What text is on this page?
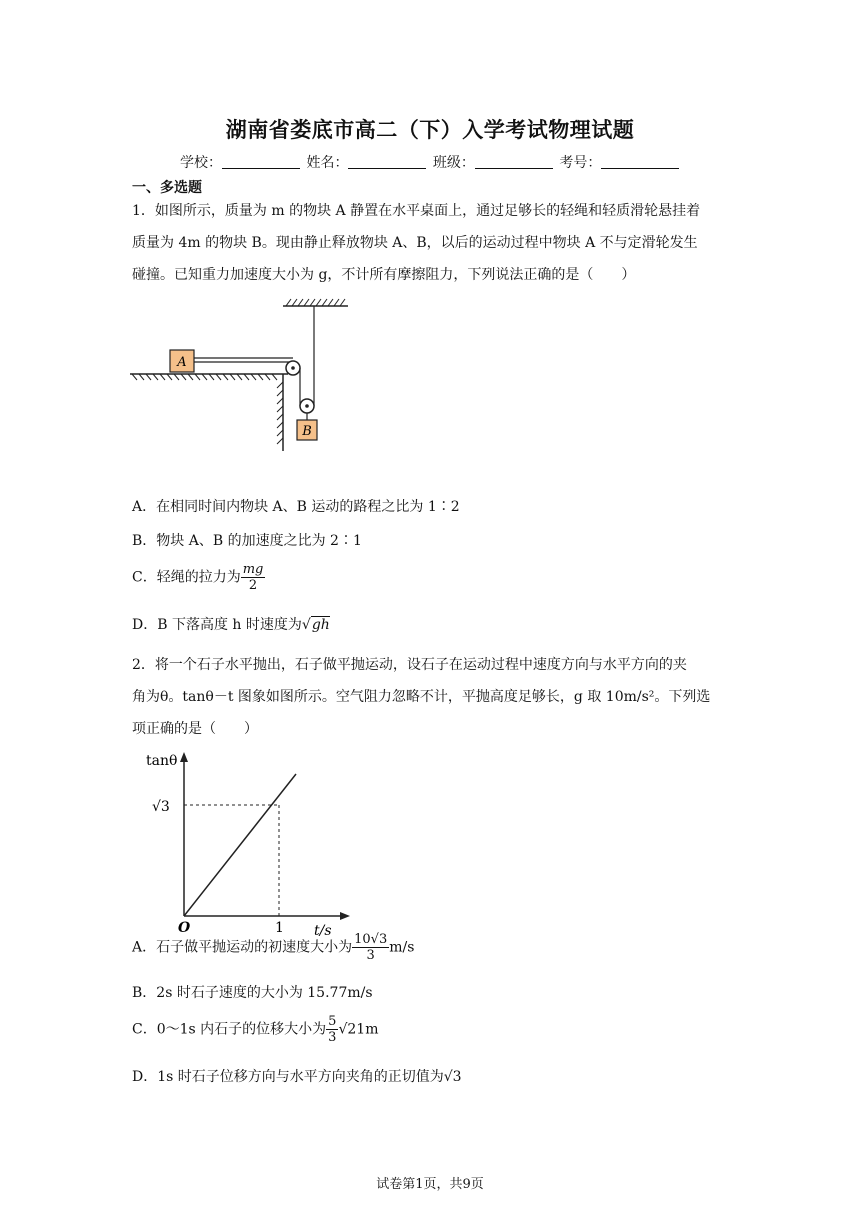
湖南省娄底市高二（下）入学考试物理试题
学校：	姓名：	班级：	考号：
一、多选题
1．如图所示，质量为 m 的物块 A 静置在水平桌面上，通过足够长的轻绳和轻质滑轮悬挂着
质量为 4m 的物块 B。现由静止释放物块 A、B，以后的运动过程中物块 A 不与定滑轮发生
碰撞。已知重力加速度大小为 g，不计所有摩擦阻力，下列说法正确的是（　　）
A
B
A．在相同时间内物块 A、B 运动的路程之比为 1∶2
B．物块 A、B 的加速度之比为 2∶1
C．轻绳的拉力为 $\frac{mg}{2}$
D．B 下落高度 h 时速度为√gh
2．将一个石子水平抛出，石子做平抛运动，设石子在运动过程中速度方向与水平方向的夹
角为θ。tanθ－t 图象如图所示。空气阻力忽略不计，平抛高度足够长，g 取 10m/s²。下列选
项正确的是（　　）
tanθ
t/s
O	1
√3
A．石子做平抛运动的初速度大小为 $\frac{10√3}{3} m/s$
B．2s 时石子速度的大小为 15.77m/s
C．0～1s 内石子的位移大小为 $\frac{5}{3} √21m$
D．1s 时石子位移方向与水平方向夹角的正切值为√3
试卷第1页，共9页
